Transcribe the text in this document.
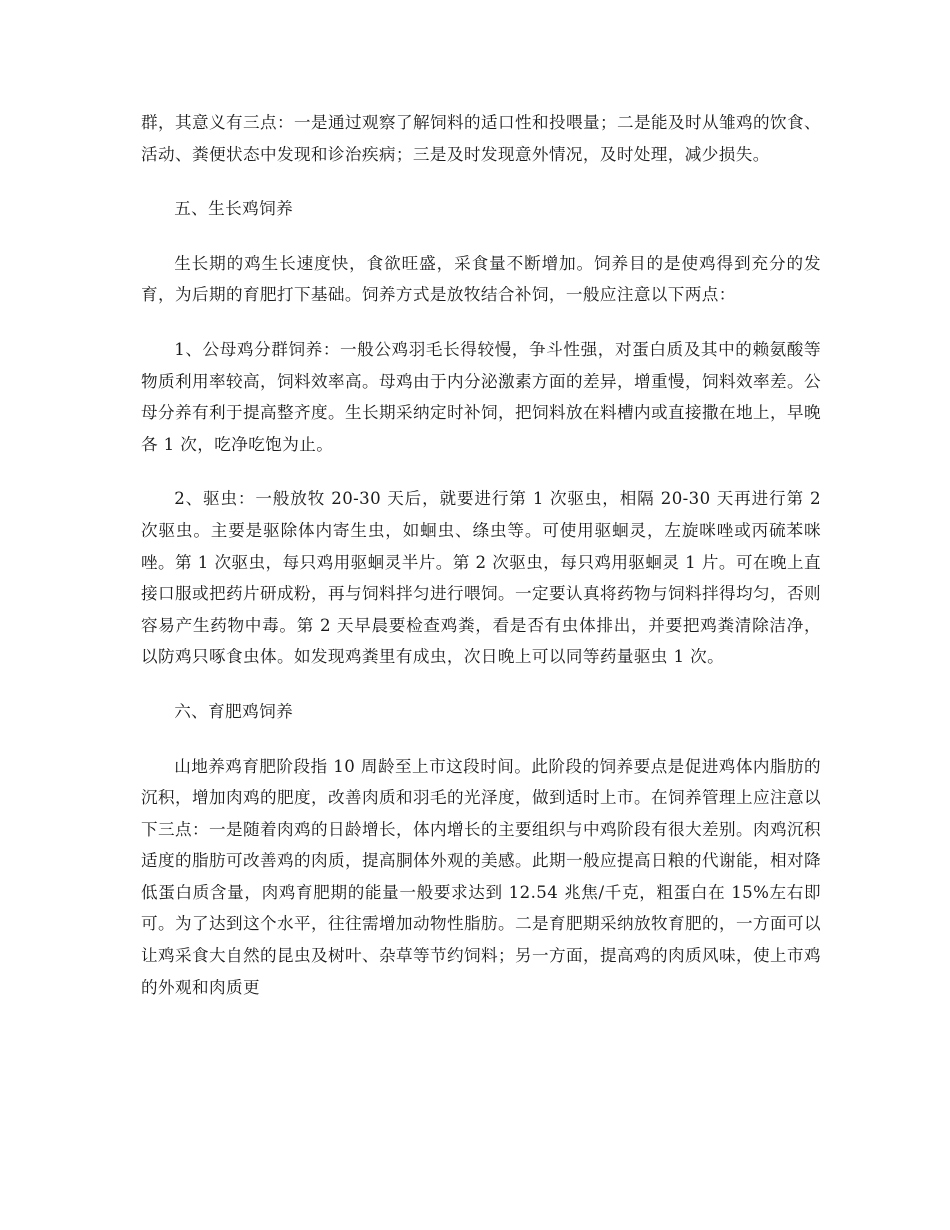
群，其意义有三点：一是通过观察了解饲料的适口性和投喂量；二是能及时从雏鸡的饮食、活动、粪便状态中发现和诊治疾病；三是及时发现意外情况，及时处理，减少损失。

五、生长鸡饲养

生长期的鸡生长速度快，食欲旺盛，采食量不断增加。饲养目的是使鸡得到充分的发育，为后期的育肥打下基础。饲养方式是放牧结合补饲，一般应注意以下两点：

1、公母鸡分群饲养：一般公鸡羽毛长得较慢，争斗性强，对蛋白质及其中的赖氨酸等物质利用率较高，饲料效率高。母鸡由于内分泌激素方面的差异，增重慢，饲料效率差。公母分养有利于提高整齐度。生长期采纳定时补饲，把饲料放在料槽内或直接撒在地上，早晚各 1 次，吃净吃饱为止。

2、驱虫：一般放牧 20-30 天后，就要进行第 1 次驱虫，相隔 20-30 天再进行第 2 次驱虫。主要是驱除体内寄生虫，如蛔虫、绦虫等。可使用驱蛔灵，左旋咪唑或丙硫苯咪唑。第 1 次驱虫，每只鸡用驱蛔灵半片。第 2 次驱虫，每只鸡用驱蛔灵 1 片。可在晚上直接口服或把药片研成粉，再与饲料拌匀进行喂饲。一定要认真将药物与饲料拌得均匀，否则容易产生药物中毒。第 2 天早晨要检查鸡粪，看是否有虫体排出，并要把鸡粪清除洁净，以防鸡只啄食虫体。如发现鸡粪里有成虫，次日晚上可以同等药量驱虫 1 次。

六、育肥鸡饲养

山地养鸡育肥阶段指 10 周龄至上市这段时间。此阶段的饲养要点是促进鸡体内脂肪的沉积，增加肉鸡的肥度，改善肉质和羽毛的光泽度，做到适时上市。在饲养管理上应注意以下三点：一是随着肉鸡的日龄增长，体内增长的主要组织与中鸡阶段有很大差别。肉鸡沉积适度的脂肪可改善鸡的肉质，提高胴体外观的美感。此期一般应提高日粮的代谢能，相对降低蛋白质含量，肉鸡育肥期的能量一般要求达到 12.54 兆焦/千克，粗蛋白在 15%左右即可。为了达到这个水平，往往需增加动物性脂肪。二是育肥期采纳放牧育肥的，一方面可以让鸡采食大自然的昆虫及树叶、杂草等节约饲料；另一方面，提高鸡的肉质风味，使上市鸡的外观和肉质更
